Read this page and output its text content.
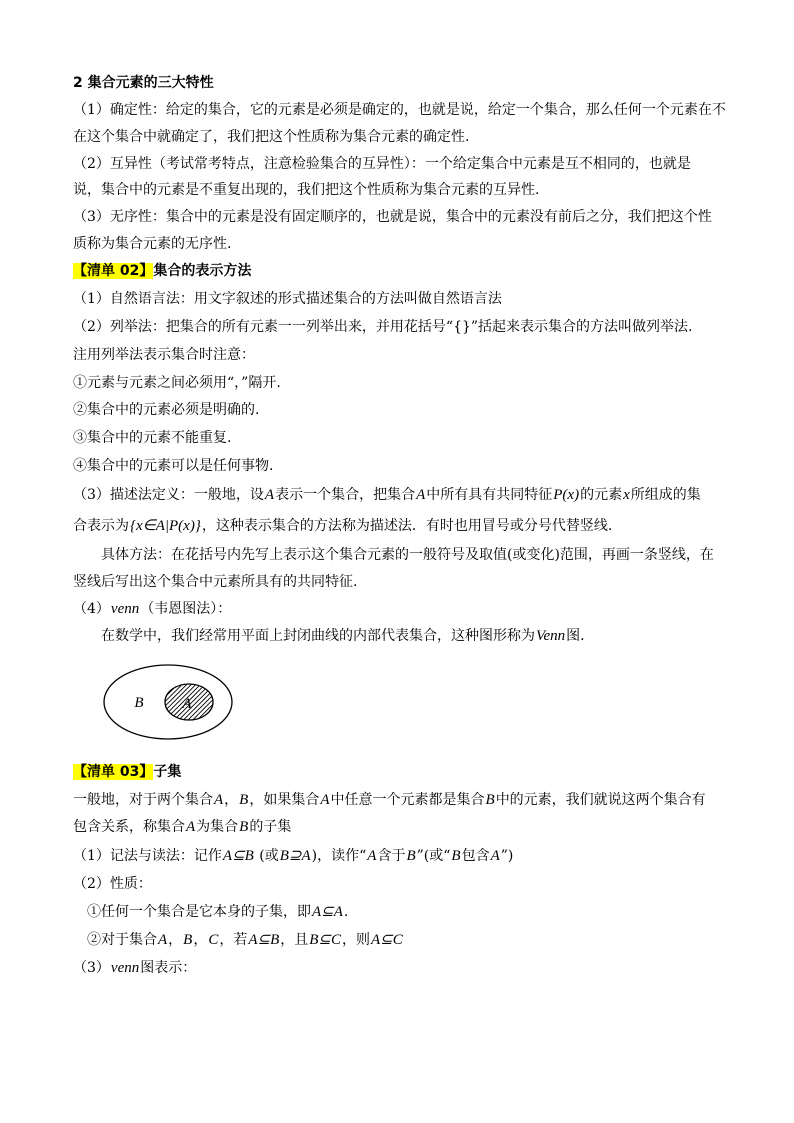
2 集合元素的三大特性
（1）确定性：给定的集合，它的元素是必须是确定的，也就是说，给定一个集合，那么任何一个元素在不
在这个集合中就确定了，我们把这个性质称为集合元素的确定性.
（2）互异性（考试常考特点，注意检验集合的互异性）：一个给定集合中元素是互不相同的，也就是
说，集合中的元素是不重复出现的，我们把这个性质称为集合元素的互异性.
（3）无序性：集合中的元素是没有固定顺序的，也就是说，集合中的元素没有前后之分，我们把这个性
质称为集合元素的无序性.
【清单 02】集合的表示方法
（1）自然语言法：用文字叙述的形式描述集合的方法叫做自然语言法
（2）列举法：把集合的所有元素一一列举出来，并用花括号“{}”括起来表示集合的方法叫做列举法.
注用列举法表示集合时注意：
①元素与元素之间必须用“，”隔开.
②集合中的元素必须是明确的.
③集合中的元素不能重复.
④集合中的元素可以是任何事物.
（3）描述法定义：一般地，设A表示一个集合，把集合A中所有具有共同特征P(x)的元素x所组成的集
合表示为{x∈A|P(x)}，这种表示集合的方法称为描述法．有时也用冒号或分号代替竖线.
具体方法：在花括号内先写上表示这个集合元素的一般符号及取值(或变化)范围，再画一条竖线，在
竖线后写出这个集合中元素所具有的共同特征.
（4）venn（韦恩图法）：
在数学中，我们经常用平面上封闭曲线的内部代表集合，这种图形称为Venn图.
B	A
【清单 03】子集
一般地，对于两个集合A，B，如果集合A中任意一个元素都是集合B中的元素，我们就说这两个集合有
包含关系，称集合A为集合B的子集
（1）记法与读法：记作A⊆B (或B⊇A)，读作“A含于B”(或“B包含A”)
（2）性质：
①任何一个集合是它本身的子集，即A⊆A.
②对于集合A，B，C，若A⊆B，且B⊆C，则A⊆C
（3）venn图表示：
